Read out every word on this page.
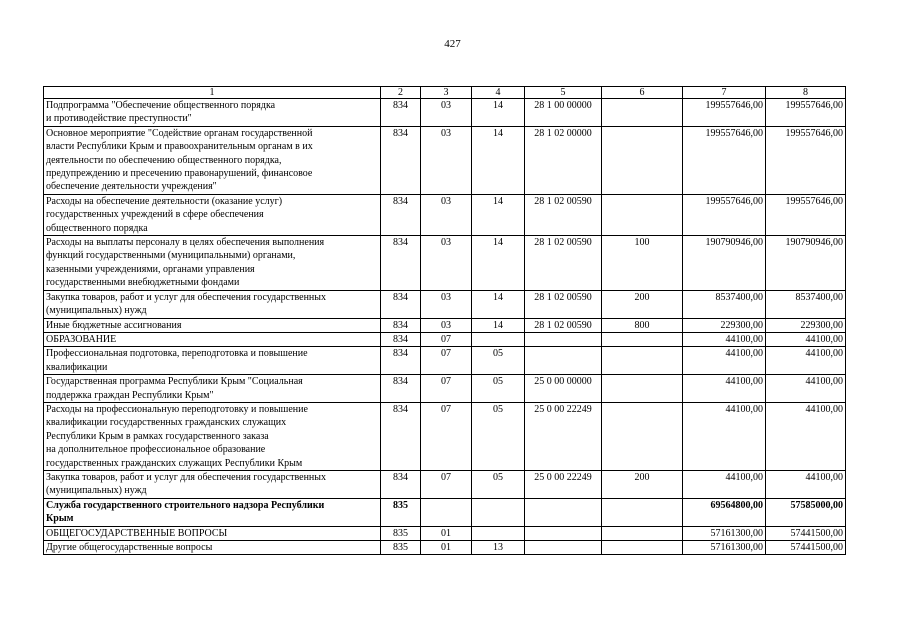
427
1	2	3	4	5	6	7	8
Подпрограмма "Обеспечение общественного порядка
и противодействие преступности"	834	03	14	28 1 00 00000		199557646,00	199557646,00
Основное мероприятие "Содействие органам государственной
власти Республики Крым и правоохранительным органам в их
деятельности по обеспечению общественного порядка,
предупреждению и пресечению правонарушений, финансовое
обеспечение деятельности учреждения"	834	03	14	28 1 02 00000		199557646,00	199557646,00
Расходы на обеспечение деятельности (оказание услуг)
государственных учреждений в сфере обеспечения
общественного порядка	834	03	14	28 1 02 00590		199557646,00	199557646,00
Расходы на выплаты персоналу в целях обеспечения выполнения
функций государственными (муниципальными) органами,
казенными учреждениями, органами управления
государственными внебюджетными фондами	834	03	14	28 1 02 00590	100	190790946,00	190790946,00
Закупка товаров, работ и услуг для обеспечения государственных
(муниципальных) нужд	834	03	14	28 1 02 00590	200	8537400,00	8537400,00
Иные бюджетные ассигнования	834	03	14	28 1 02 00590	800	229300,00	229300,00
ОБРАЗОВАНИЕ	834	07				44100,00	44100,00
Профессиональная подготовка, переподготовка и повышение
квалификации	834	07	05			44100,00	44100,00
Государственная программа Республики Крым "Социальная
поддержка граждан Республики Крым"	834	07	05	25 0 00 00000		44100,00	44100,00
Расходы на профессиональную переподготовку и повышение
квалификации государственных гражданских служащих
Республики Крым в рамках государственного заказа
на дополнительное профессиональное образование
государственных гражданских служащих Республики Крым	834	07	05	25 0 00 22249		44100,00	44100,00
Закупка товаров, работ и услуг для обеспечения государственных
(муниципальных) нужд	834	07	05	25 0 00 22249	200	44100,00	44100,00
Служба государственного строительного надзора Республики
Крым	835					69564800,00	57585000,00
ОБЩЕГОСУДАРСТВЕННЫЕ ВОПРОСЫ	835	01				57161300,00	57441500,00
Другие общегосударственные вопросы	835	01	13			57161300,00	57441500,00
